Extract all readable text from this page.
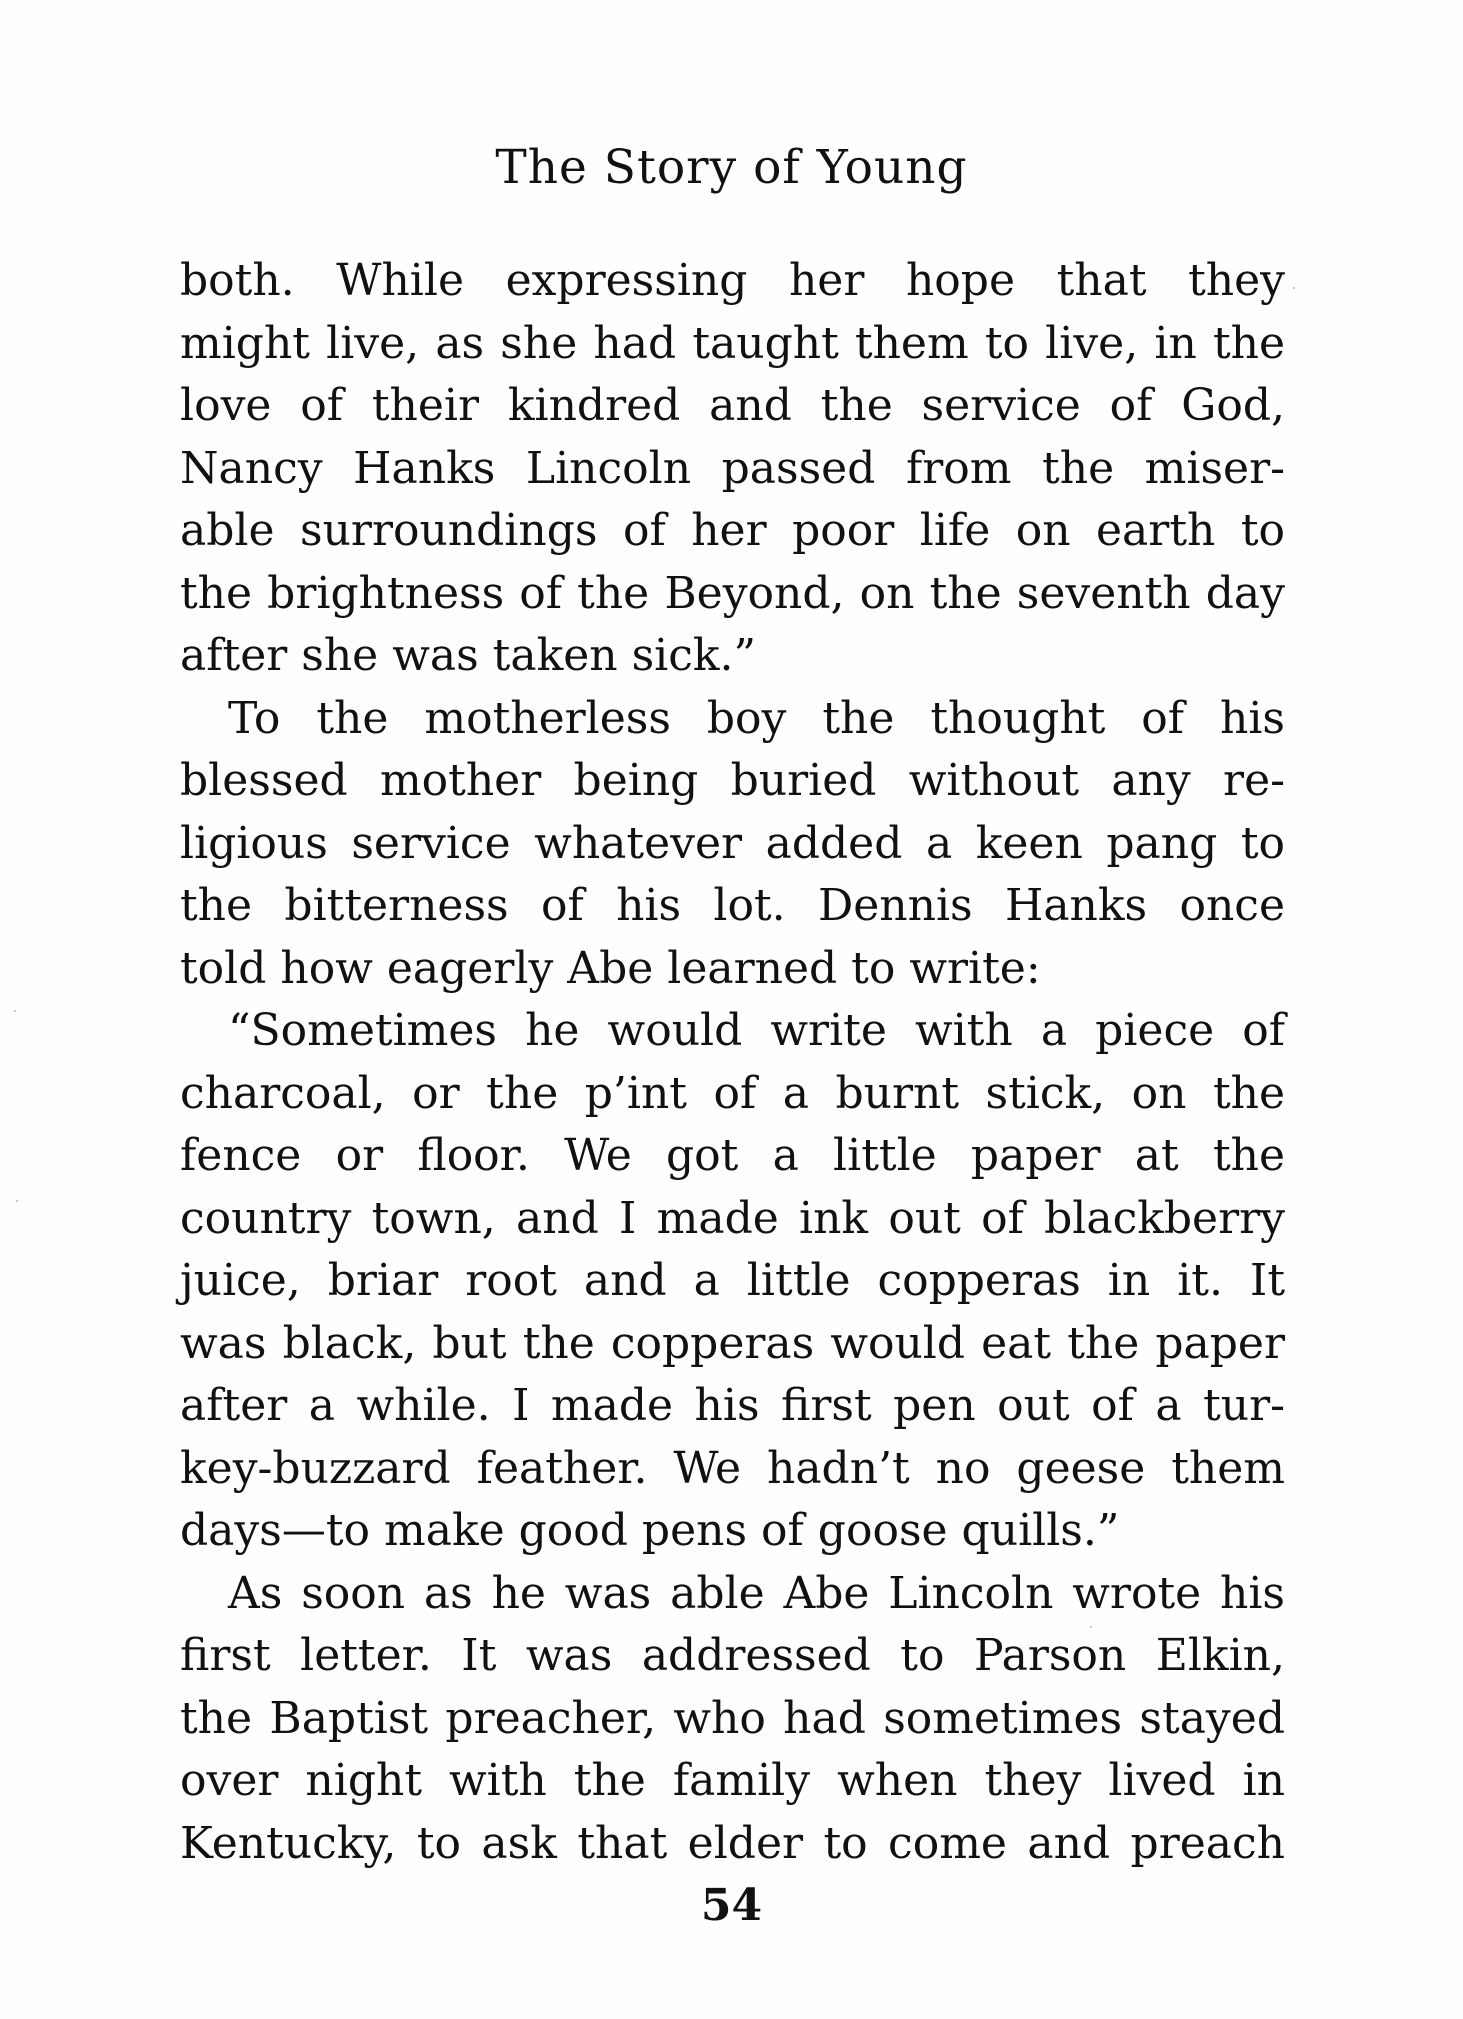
The Story of Young
both. While expressing her hope that they
might live, as she had taught them to live, in the
love of their kindred and the service of God,
Nancy Hanks Lincoln passed from the miser-
able surroundings of her poor life on earth to
the brightness of the Beyond, on the seventh day
after she was taken sick.”
To the motherless boy the thought of his
blessed mother being buried without any re-
ligious service whatever added a keen pang to
the bitterness of his lot. Dennis Hanks once
told how eagerly Abe learned to write:
“Sometimes he would write with a piece of
charcoal, or the p’int of a burnt stick, on the
fence or floor. We got a little paper at the
country town, and I made ink out of blackberry
juice, briar root and a little copperas in it. It
was black, but the copperas would eat the paper
after a while. I made his first pen out of a tur-
key-buzzard feather. We hadn’t no geese them
days—to make good pens of goose quills.”
As soon as he was able Abe Lincoln wrote his
first letter. It was addressed to Parson Elkin,
the Baptist preacher, who had sometimes stayed
over night with the family when they lived in
Kentucky, to ask that elder to come and preach
54
